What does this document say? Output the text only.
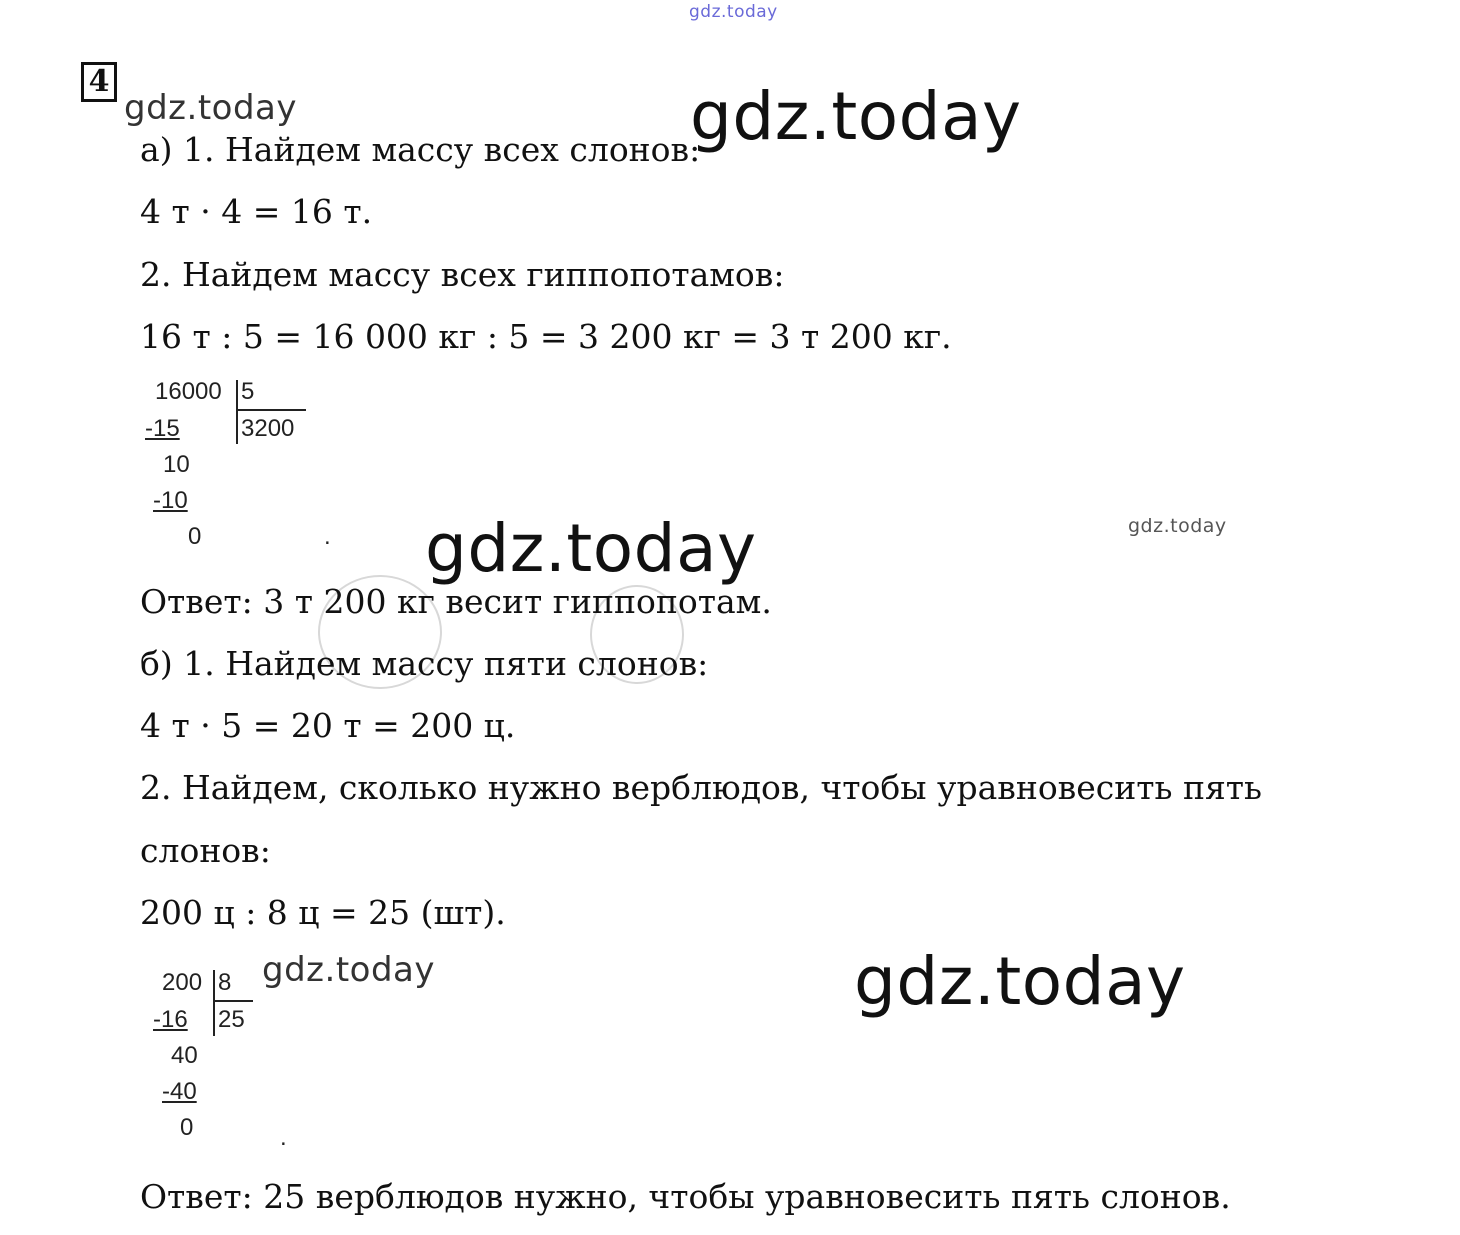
gdz.today
gdz.today	gdz.today
gdz.today	gdz.today
gdz.today	gdz.today
4
а) 1. Найдем массу всех слонов:
4 т · 4 = 16 т.
2. Найдем массу всех гиппопотамов:
16 т : 5 = 16 000 кг : 5 = 3 200 кг = 3 т 200 кг.
16000 5
3200
-15
10
-10
0	.
Ответ: 3 т 200 кг весит гиппопотам.
б) 1. Найдем массу пяти слонов:
4 т · 5 = 20 т = 200 ц.
2. Найдем, сколько нужно верблюдов, чтобы уравновесить пять
слонов:
200 ц : 8 ц = 25 (шт).
200 8
25
-16
40
-40
0	.
Ответ: 25 верблюдов нужно, чтобы уравновесить пять слонов.
